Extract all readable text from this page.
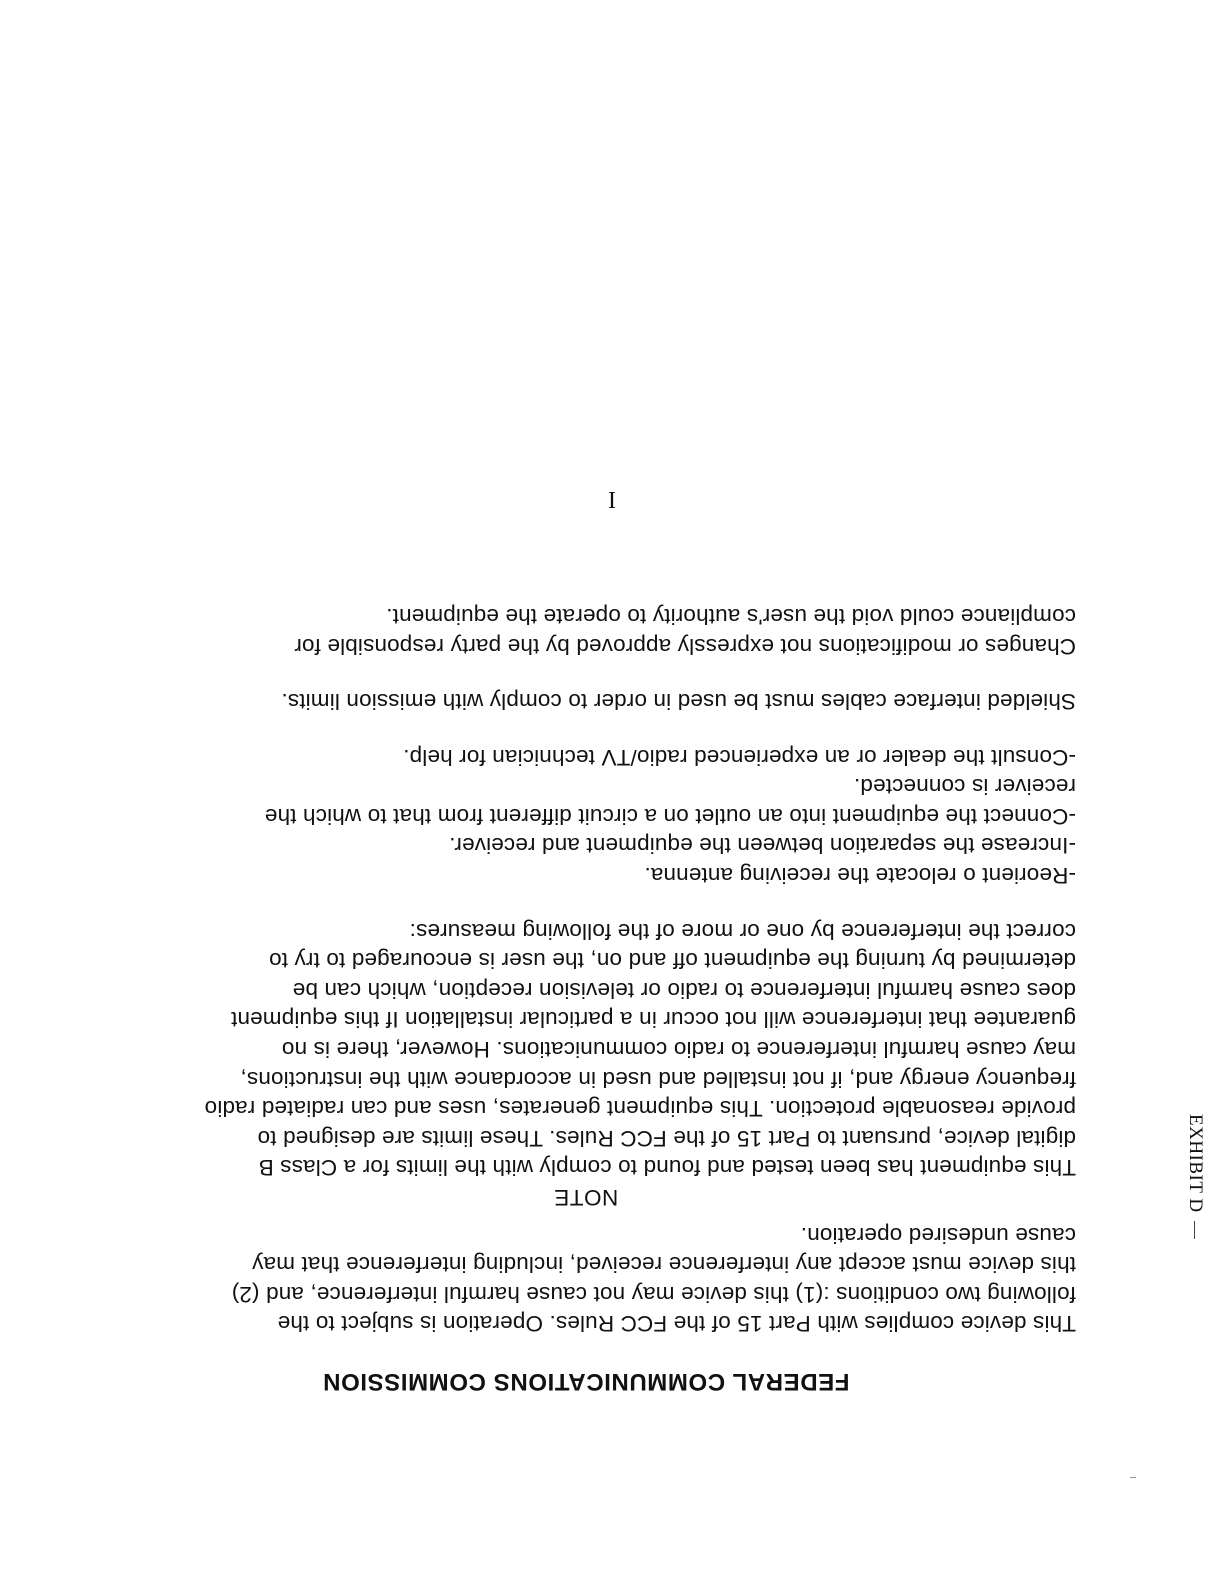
FEDERAL COMMUNICATIONS COMMISSION
This device complies with Part 15 of the FCC Rules. Operation is subject to the
following two conditions :(1) this device may not cause harmful interference, and (2)
this device must accept any interference received, including interference that may
cause undesired operation.
NOTE
This equipment has been tested and found to comply with the limits for a Class B
digital device, pursuant to Part 15 of the FCC Rules. These limits are designed to
provide reasonable protection. This equipment generates, uses and can radiated radio
frequency energy and, if not installed and used in accordance with the instructions,
may cause harmful interference to radio communications. However, there is no
guarantee that interference will not occur in a particular installation If this equipment
does cause harmful interference to radio or television reception, which can be
determined by turning the equipment off and on, the user is encouraged to try to
correct the interference by one or more of the following measures:
-Reorient o relocate the receiving antenna.
-Increase the separation between the equipment and receiver.
-Connect the equipment into an outlet on a circuit different from that to which the
receiver is connected.
-Consult the dealer or an experienced radio/TV technician for help.
Shielded interface cables must be used in order to comply with emission limits.
Changes or modifications not expressly approved by the party responsible for
compliance could void the user's authority to operate the equipment.
I
EXHIBIT D
